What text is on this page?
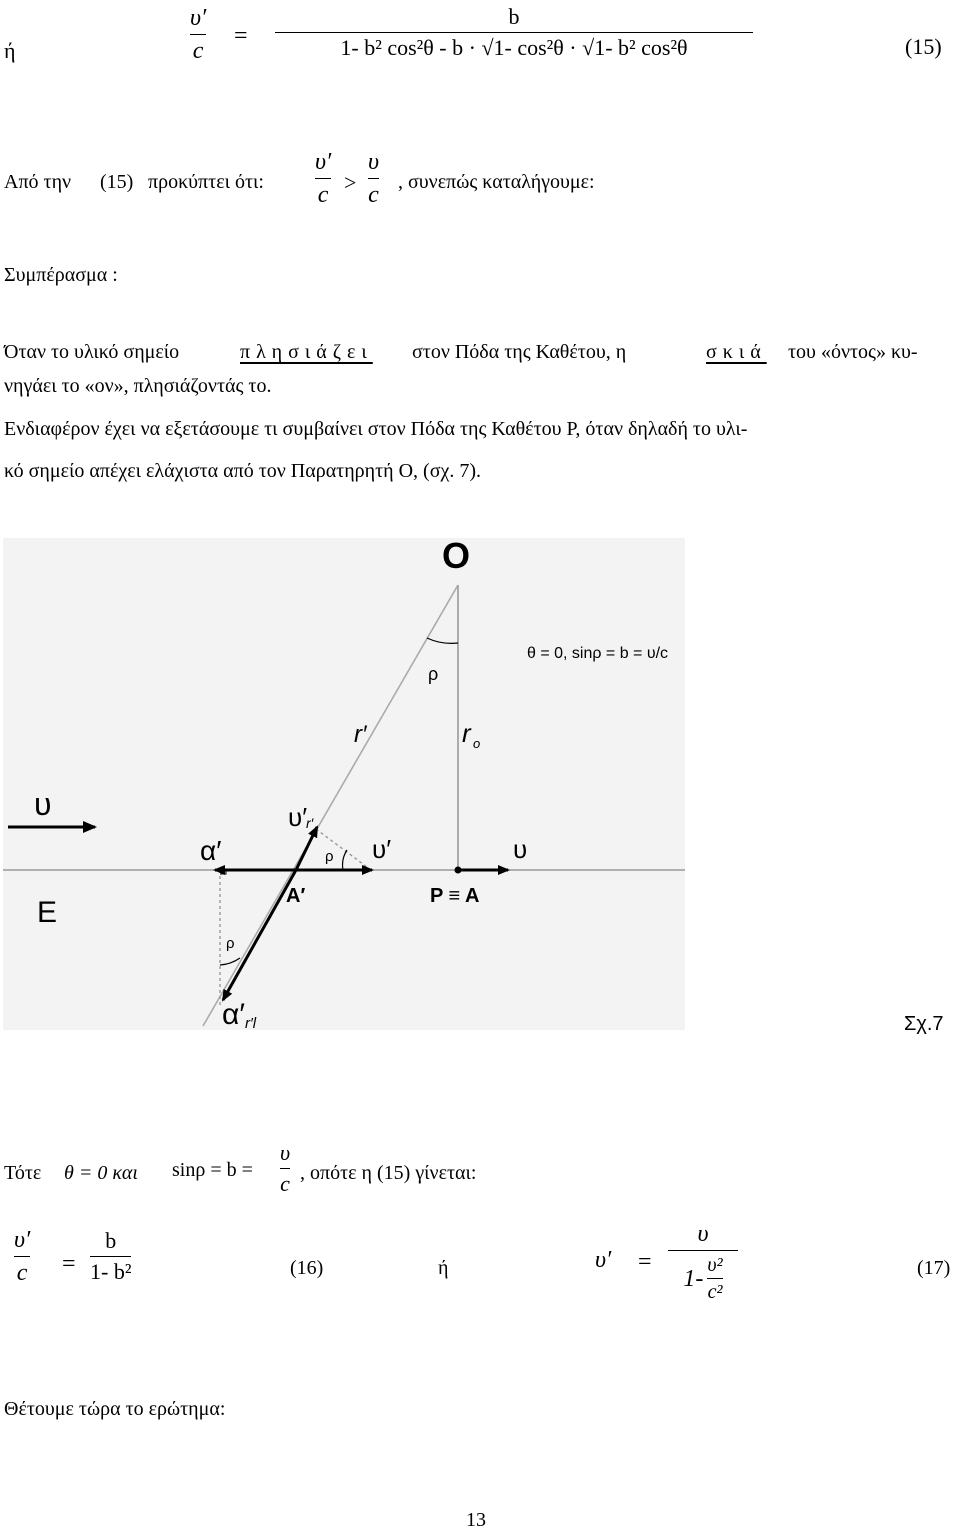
ή
υ′
c
=
b
1- b² cos²θ - b · √1- cos²θ · √1- b² cos²θ	(15)
Από την (15) προκύπτει ότι:
υ′
c >
υ
c , συνεπώς καταλήγουμε:
Συμπέρασμα :
Όταν το υλικό σημείο	πλησιάζει στον Πόδα της Καθέτου, η	σκιά του «όντος» κυ-
νηγάει το «ον», πλησιάζοντάς το.
Ενδιαφέρον έχει να εξετάσουμε τι συμβαίνει στον Πόδα της Καθέτου P, όταν δηλαδή το υλι-
κό σημείο απέχει ελάχιστα από τον Παρατηρητή O, (σχ. 7).
O
θ = 0, sinρ = b = υ/c
ρ
r′	r o
υ	υ′
r′
ρ υ′	υ
α′
A′	P ≡ A
E
ρ
α′ r′l	Σχ.7
Τότε θ = 0 και sinρ = b =
υ
c , οπότε η (15) γίνεται:
υ′
c =
b
1- b²	(16)	ή	υ′ =
υ
1-
υ²
c²
(17)
Θέτουμε τώρα το ερώτημα:
13
